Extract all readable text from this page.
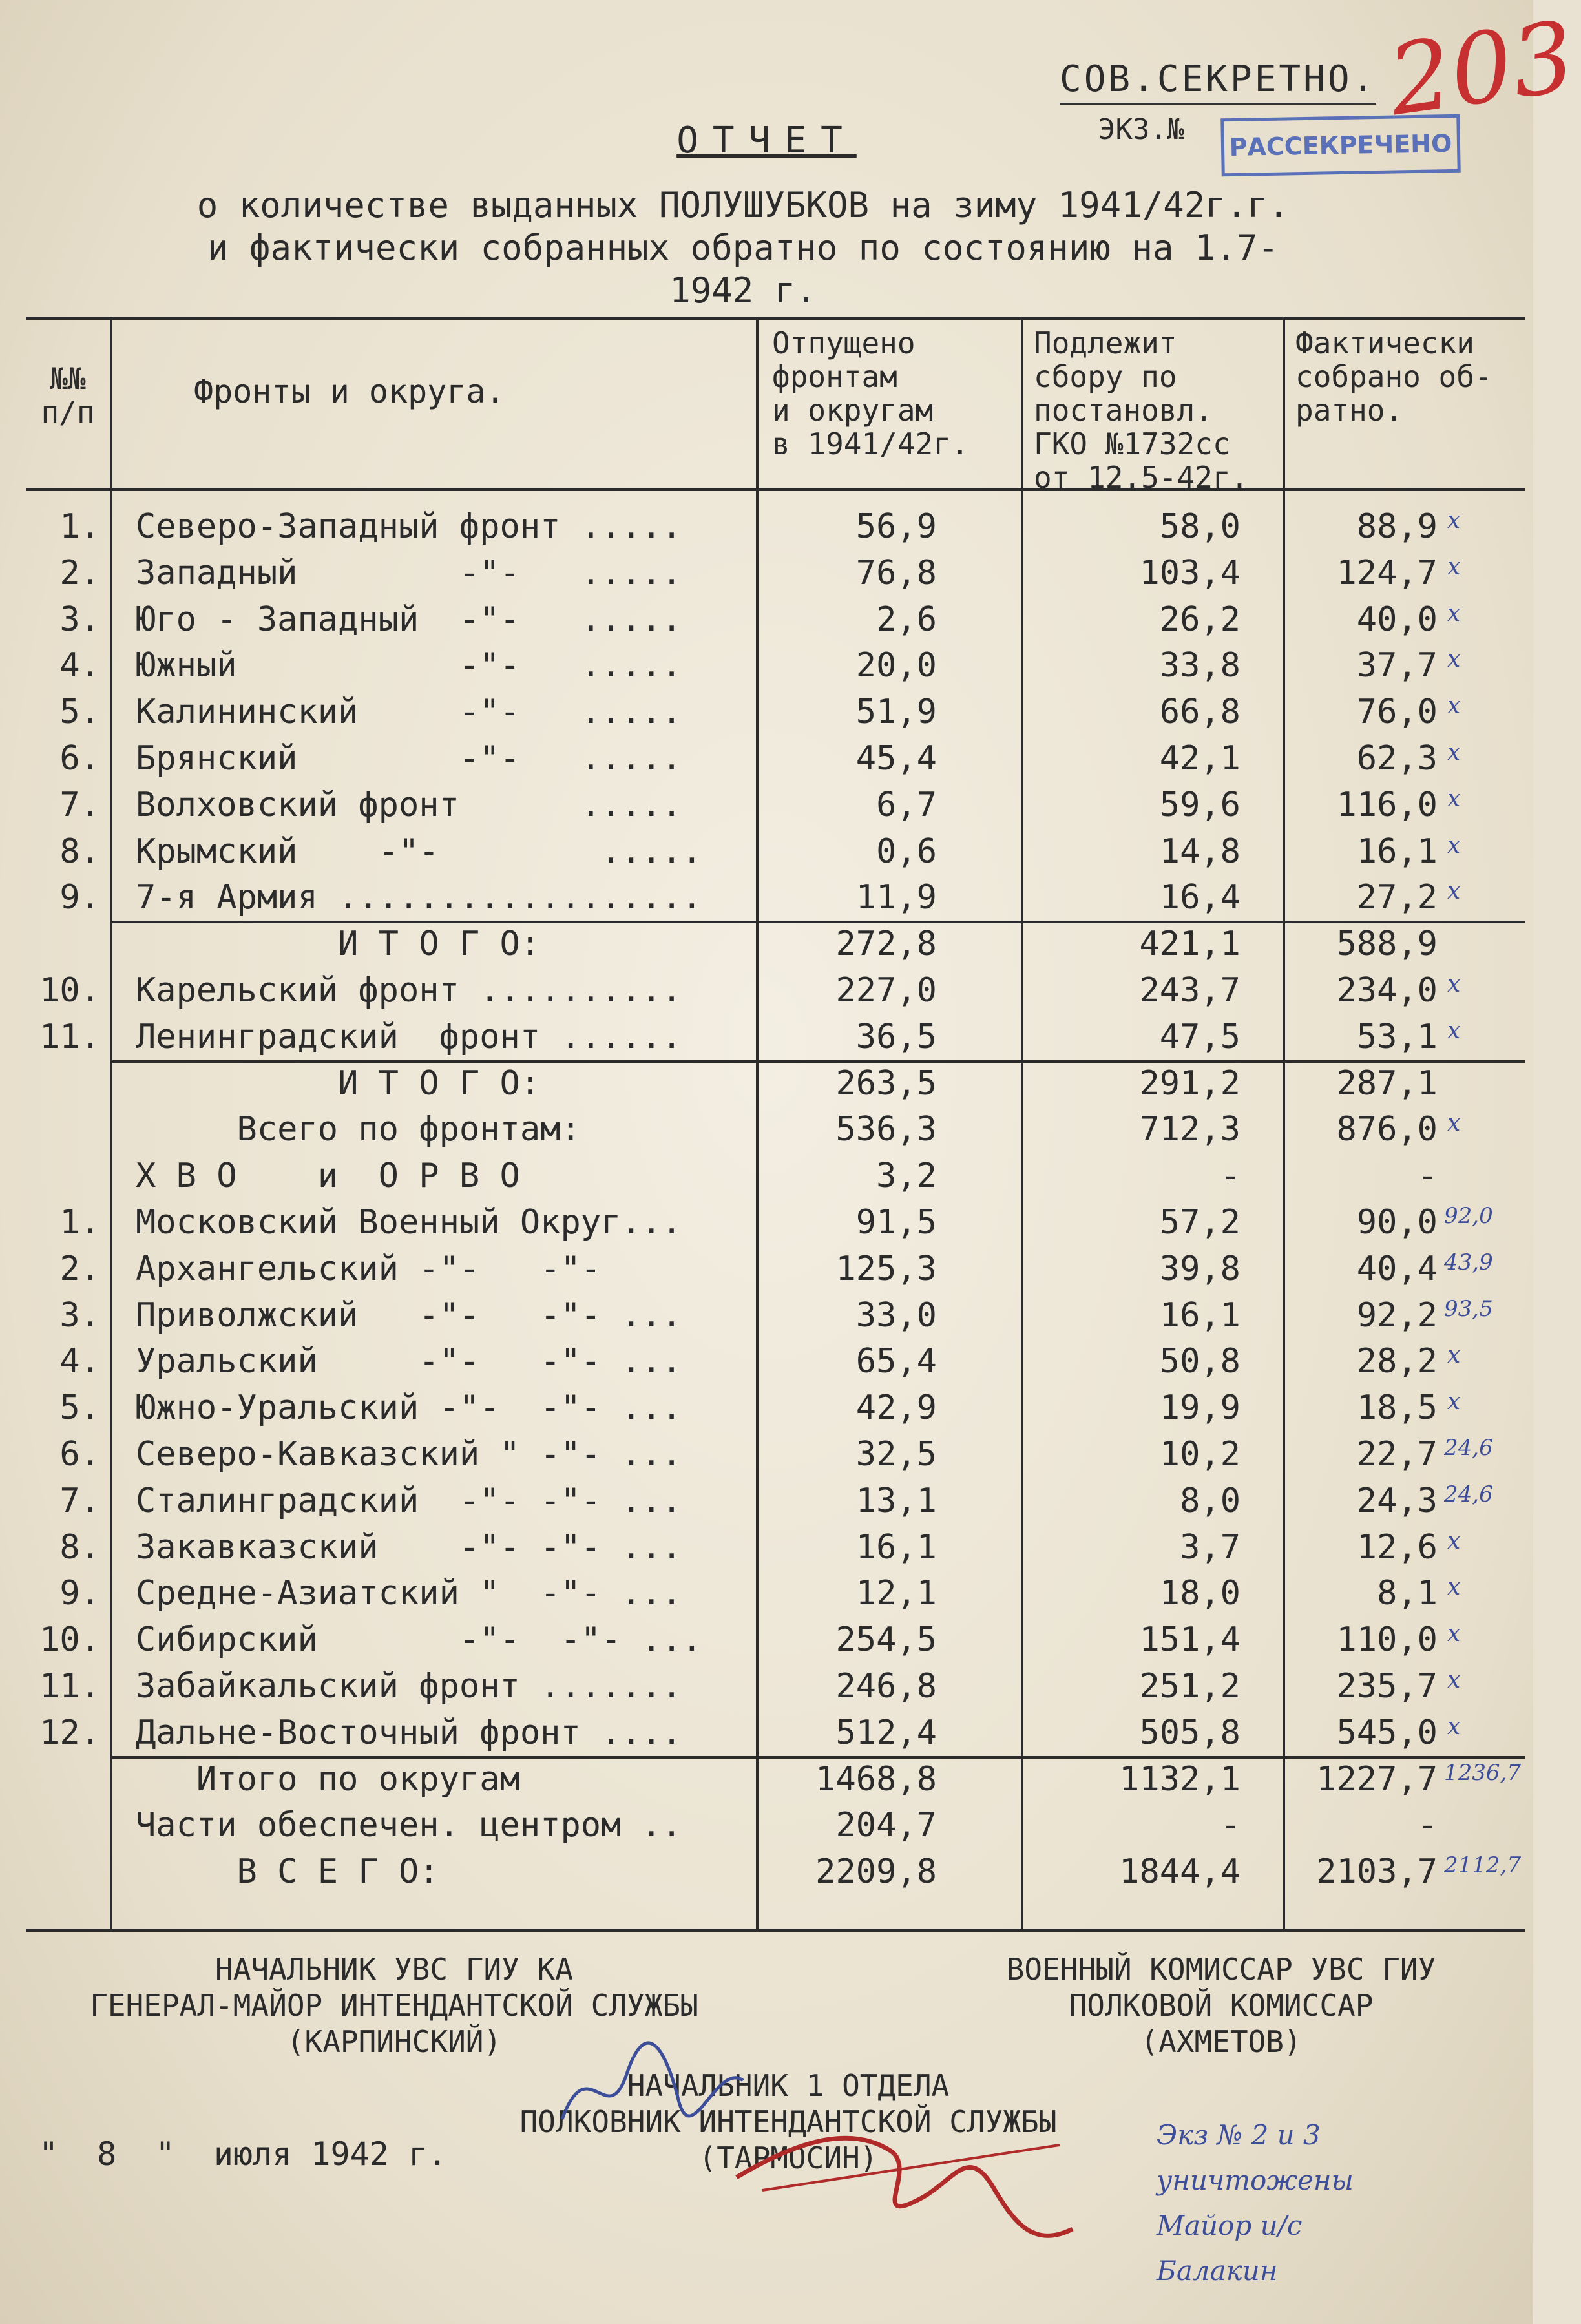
203
СОВ.СЕКРЕТНО.
ЭКЗ.№	РАССЕКРЕЧЕНО
ОТЧЕТ
о количестве выданных ПОЛУШУБКОВ на зиму 1941/42г.г.
и фактически собранных обратно по состоянию на 1.7-
1942 г.
№№
п/п
Фронты и округа.
Отпущено
фронтам
и округам
в 1941/42г.
Подлежит
сбору по
постановл.
ГКО №1732сс
от 12.5-42г.
Фактически
собрано об-
ратно.
1. Северо-Западный фронт .....	56,9	58,0	88,9 x
2. Западный        -"-   .....	76,8	103,4	124,7 x
3. Юго - Западный  -"-   .....	2,6	26,2	40,0 x
4. Южный           -"-   .....	20,0	33,8	37,7 x
5. Калининский     -"-   .....	51,9	66,8	76,0 x
6. Брянский        -"-   .....	45,4	42,1	62,3 x
7. Волховский фронт      .....	6,7	59,6	116,0 x
8. Крымский    -"-        .....	0,6	14,8	16,1 x
9. 7-я Армия ..................	11,9	16,4	27,2 x
И Т О Г О:	272,8	421,1	588,9
10. Карельский фронт ..........	227,0	243,7	234,0 x
11. Ленинградский  фронт ......	36,5	47,5	53,1 x
И Т О Г О:	263,5	291,2	287,1
Всего по фронтам:	536,3	712,3	876,0 x
Х В О    и  О Р В О	3,2	-	-
1. Московский Военный Округ...	91,5	57,2	90,0 92,0
2. Архангельский -"-   -"-	125,3	39,8	40,4 43,9
3. Приволжский   -"-   -"- ...	33,0	16,1	92,2 93,5
4. Уральский     -"-   -"- ...	65,4	50,8	28,2 x
5. Южно-Уральский -"-  -"- ...	42,9	19,9	18,5 x
6. Северо-Кавказский " -"- ...	32,5	10,2	22,7 24,6
7. Сталинградский  -"- -"- ...	13,1	8,0	24,3 24,6
8. Закавказский    -"- -"- ...	16,1	3,7	12,6 x
9. Средне-Азиатский "  -"- ...	12,1	18,0	8,1 x
10. Сибирский       -"-  -"- ...	254,5	151,4	110,0 x
11. Забайкальский фронт .......	246,8	251,2	235,7 x
12. Дальне-Восточный фронт ....	512,4	505,8	545,0 x
Итого по округам	1468,8	1132,1	1227,7 1236,7
Части обеспечен. центром ..	204,7	-	-
В С Е Г О:	2209,8	1844,4	2103,7 2112,7
НАЧАЛЬНИК УВС ГИУ КА
ГЕНЕРАЛ-МАЙОР ИНТЕНДАНТСКОЙ СЛУЖБЫ
(КАРПИНСКИЙ)
ВОЕННЫЙ КОМИССАР УВС ГИУ
ПОЛКОВОЙ КОМИССАР
(АХМЕТОВ)
НАЧАЛЬНИК 1 ОТДЕЛА
ПОЛКОВНИК ИНТЕНДАНТСКОЙ СЛУЖБЫ
(ТАРМОСИН)
"  8  "  июля 1942 г.
Экз № 2 и 3 уничтожены
Майор и/с
Балакин
